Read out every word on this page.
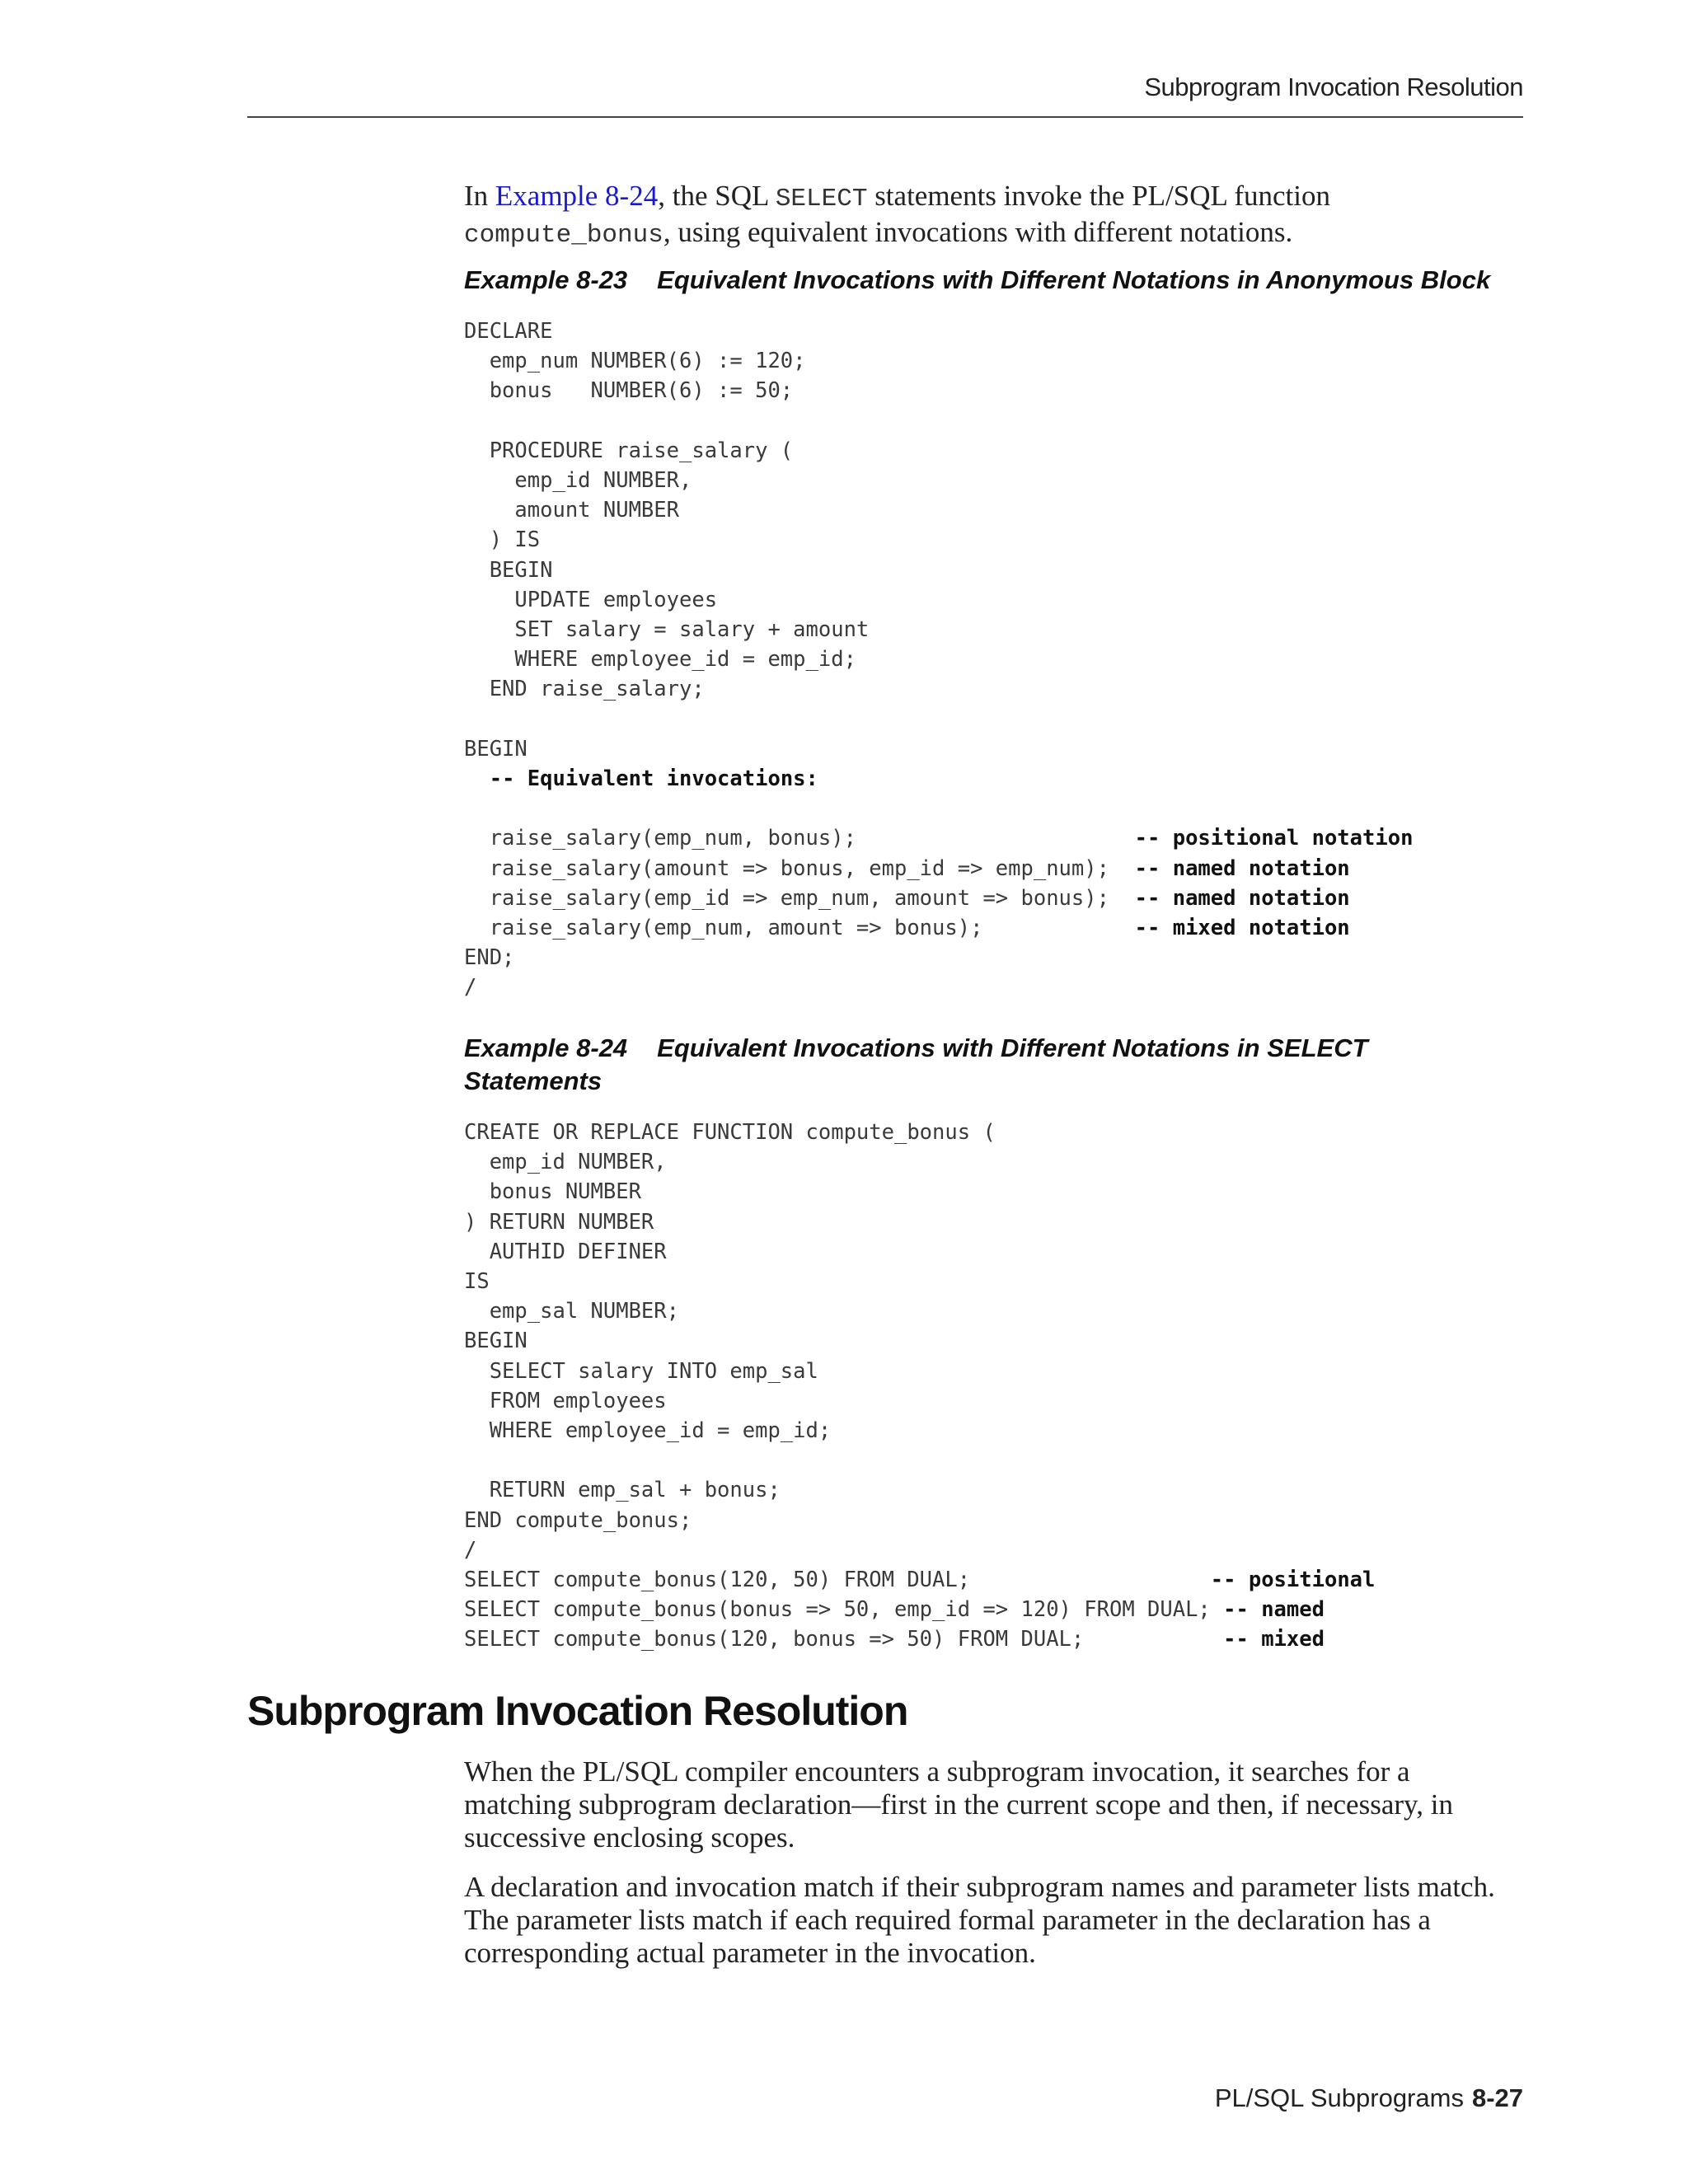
Subprogram Invocation Resolution

In Example 8-24, the SQL SELECT statements invoke the PL/SQL function compute_bonus, using equivalent invocations with different notations.

Example 8-23 Equivalent Invocations with Different Notations in Anonymous Block
DECLARE
emp_num NUMBER(6) := 120;
bonus   NUMBER(6) := 50;

PROCEDURE raise_salary (
emp_id NUMBER,
amount NUMBER
) IS
BEGIN
UPDATE employees
SET salary = salary + amount
WHERE employee_id = emp_id;
END raise_salary;

BEGIN
-- Equivalent invocations:

raise_salary(emp_num, bonus);                      -- positional notation
raise_salary(amount => bonus, emp_id => emp_num);  -- named notation
raise_salary(emp_id => emp_num, amount => bonus);  -- named notation
raise_salary(emp_num, amount => bonus);            -- mixed notation
END;
/
Example 8-24 Equivalent Invocations with Different Notations in SELECT
Statements
CREATE OR REPLACE FUNCTION compute_bonus (
emp_id NUMBER,
bonus NUMBER
) RETURN NUMBER
AUTHID DEFINER
IS
emp_sal NUMBER;
BEGIN
SELECT salary INTO emp_sal
FROM employees
WHERE employee_id = emp_id;

RETURN emp_sal + bonus;
END compute_bonus;
/
SELECT compute_bonus(120, 50) FROM DUAL;                   -- positional
SELECT compute_bonus(bonus => 50, emp_id => 120) FROM DUAL; -- named
SELECT compute_bonus(120, bonus => 50) FROM DUAL;           -- mixed
Subprogram Invocation Resolution

When the PL/SQL compiler encounters a subprogram invocation, it searches for a matching subprogram declaration—first in the current scope and then, if necessary, in successive enclosing scopes.

A declaration and invocation match if their subprogram names and parameter lists match. The parameter lists match if each required formal parameter in the declaration has a corresponding actual parameter in the invocation.

PL/SQL Subprograms 8-27
